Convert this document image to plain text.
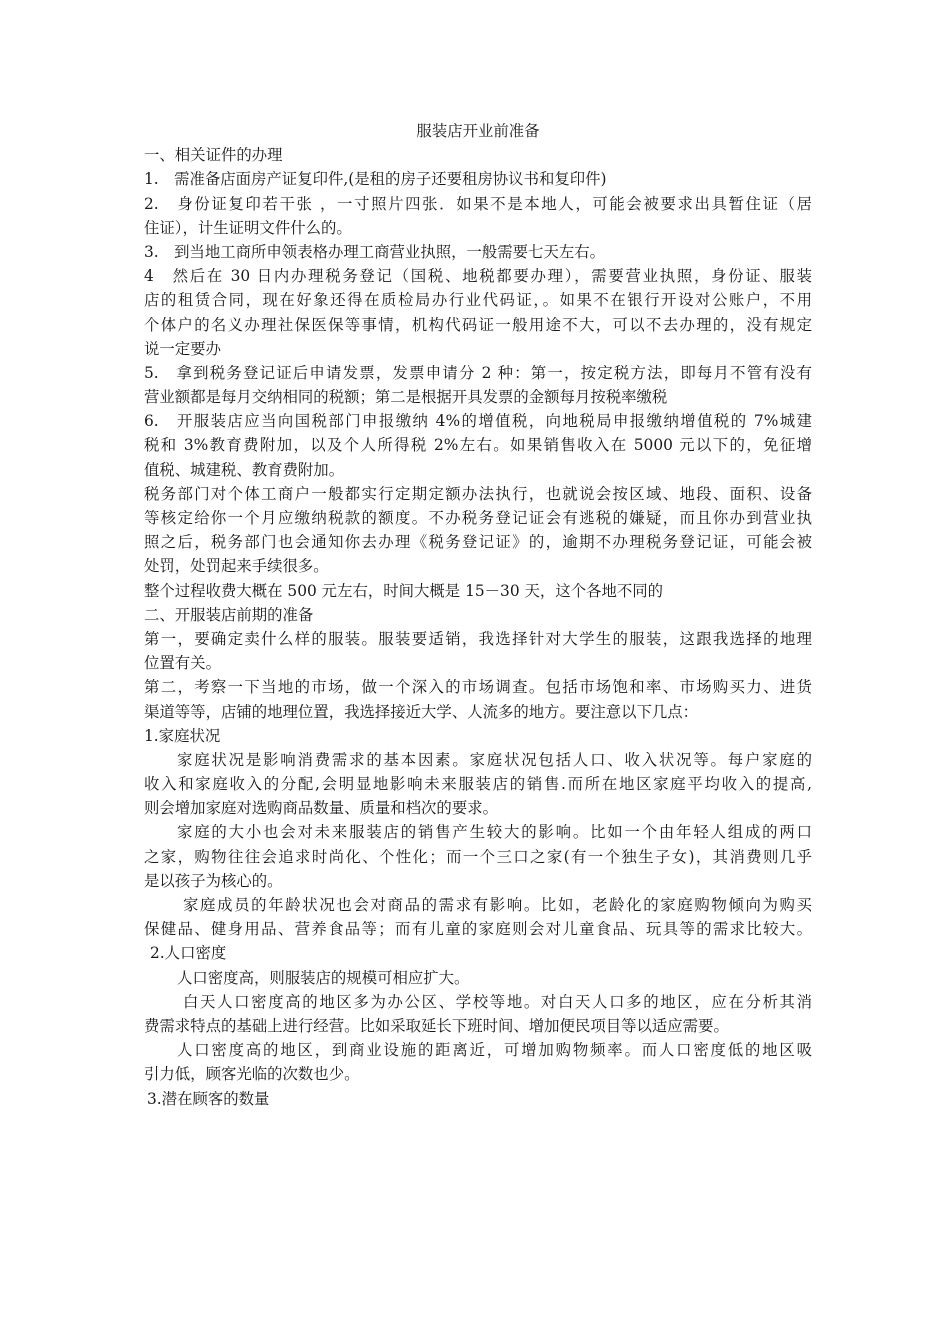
服装店开业前准备

一、相关证件的办理

1.　需准备店面房产证复印件,(是租的房子还要租房协议书和复印件)

2.　身份证复印若干张 ，一寸照片四张．如果不是本地人，可能会被要求出具暂住证（居

住证），计生证明文件什么的。

3.　到当地工商所申领表格办理工商营业执照，一般需要七天左右。

4　然后在 30 日内办理税务登记（国税、地税都要办理），需要营业执照，身份证、服装

店的租赁合同，现在好象还得在质检局办行业代码证，。如果不在银行开设对公账户，不用

个体户的名义办理社保医保等事情，机构代码证一般用途不大，可以不去办理的，没有规定

说一定要办

5.　拿到税务登记证后申请发票，发票申请分 2 种：第一，按定税方法，即每月不管有没有

营业额都是每月交纳相同的税额；第二是根据开具发票的金额每月按税率缴税

6.　开服装店应当向国税部门申报缴纳 4%的增值税，向地税局申报缴纳增值税的 7%城建

税和 3%教育费附加，以及个人所得税 2%左右。如果销售收入在 5000 元以下的，免征增

值税、城建税、教育费附加。

税务部门对个体工商户一般都实行定期定额办法执行，也就说会按区域、地段、面积、设备

等核定给你一个月应缴纳税款的额度。不办税务登记证会有逃税的嫌疑，而且你办到营业执

照之后，税务部门也会通知你去办理《税务登记证》的，逾期不办理税务登记证，可能会被

处罚，处罚起来手续很多。

整个过程收费大概在 500 元左右，时间大概是 15－30 天，这个各地不同的

二、开服装店前期的准备

第一，要确定卖什么样的服装。服装要适销，我选择针对大学生的服装，这跟我选择的地理

位置有关。

第二，考察一下当地的市场，做一个深入的市场调查。包括市场饱和率、市场购买力、进货

渠道等等，店铺的地理位置，我选择接近大学、人流多的地方。要注意以下几点：

1.家庭状况

家庭状况是影响消费需求的基本因素。家庭状况包括人口、收入状况等。每户家庭的

收入和家庭收入的分配,会明显地影响未来服装店的销售.而所在地区家庭平均收入的提高,

则会增加家庭对选购商品数量、质量和档次的要求。

家庭的大小也会对未来服装店的销售产生较大的影响。比如一个由年轻人组成的两口

之家，购物往往会追求时尚化、个性化；而一个三口之家(有一个独生子女)，其消费则几乎

是以孩子为核心的。

家庭成员的年龄状况也会对商品的需求有影响。比如，老龄化的家庭购物倾向为购买

保健品、健身用品、营养食品等；而有儿童的家庭则会对儿童食品、玩具等的需求比较大。

2.人口密度

人口密度高，则服装店的规模可相应扩大。

白天人口密度高的地区多为办公区、学校等地。对白天人口多的地区，应在分析其消

费需求特点的基础上进行经营。比如采取延长下班时间、增加便民项目等以适应需要。

人口密度高的地区，到商业设施的距离近，可增加购物频率。而人口密度低的地区吸

引力低，顾客光临的次数也少。

3.潜在顾客的数量
